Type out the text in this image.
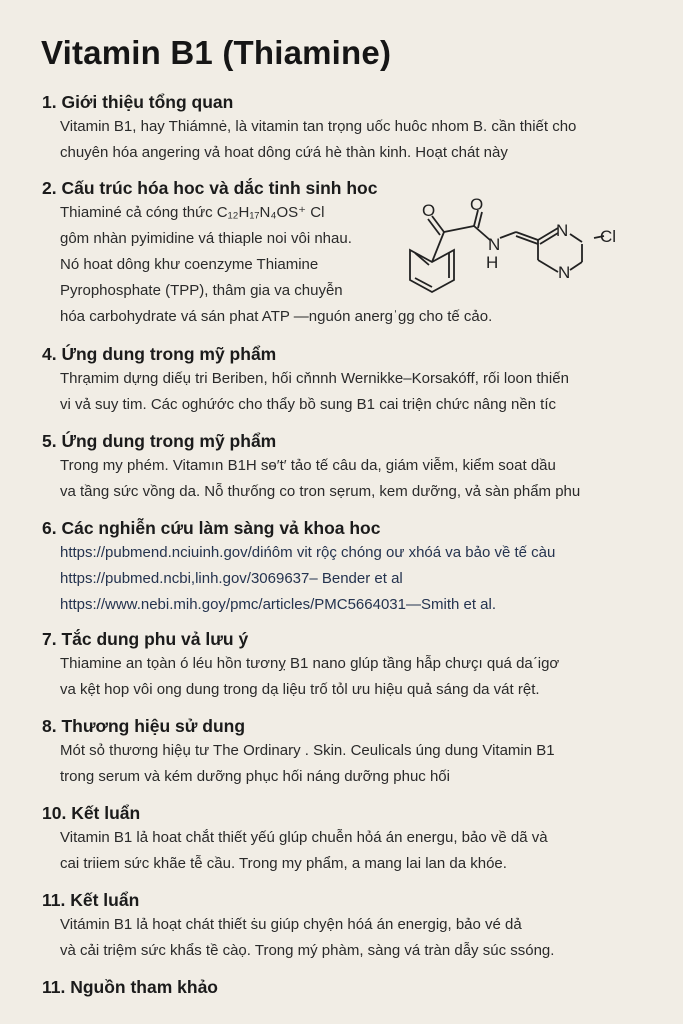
Vitamin B1 (Thiamine)
1. Giới thiệu tổng quan
Vitamin B1, hay Thiámnė, là vitamin tan trọng uốc huôc nhom B. cần thiết cho
chuyên hóa angering vả hoat dông cứá hè thàn kinh. Hoạt chát này
2. Cấu trúc hóa hoc và dắc tinh sinh hoc
Thiaminé cả cóng thức C₁₂H₁₇N₄OS⁺ Cl
gôm nhàn pyimidine vá thiaple noi vôi nhau.
Nó hoat dông khư coenzyme Thiamine
Pyrophosphate (TPP), thâm gia va chuyễn
hóa carbohydrate vá sán phat ATP —nguón anergˈgg cho tế cảo.
O O
N
H
N Cl
N
4. Ứng dung trong mỹ phẩm
Thrạmim dựng diếụ tri Beriben, hối cňnnh Wernikke–Korsakóff, rối loon thiến
vi vả suy tim. Các oghứớc cho thẩy bồ sung B1 cai triện chức nâng nền tíc
5. Ứng dung trong mỹ phẩm
Trong my phém. Vitamın B1H sɵ′t′ tảo tế câu da, giám viễm, kiểm soat dầu
va tầng sức vồng da. Nỗ thưống co tron sẹrum, kem dưỡng, vả sàn phẩm phu
6. Các nghiễn cứu làm sàng vả khoa hoc
https://pubmend.nciuinh.gov/dińôm vit rộç chóng oư xhóá va bảo về tế càu
https://pubmed.ncbi,linh.gov/3069637– Bender et al
https://www.nebi.mih.goy/pmc/articles/PMC5664031—Smith et al.
7. Tắc dung phu vả lưu ý
Thiamine an tọàn ó léu hồn tươnỵ B1 nano glúp tầng hẫp chưçı quá daˊigơ
va kệt hop vôi ong dung trong dạ liệu trố tỏl ưu hiệu quả sáng da vát rệt.
8. Thương hiệu sử dung
Mót sỏ thương hiệụ tư The Ordinary . Skin. Ceulicals úng dung Vitamin B1
trong serum và kém dưỡng phục hối náng dưỡng phuc hối
10. Kết luẩn
Vitamin B1 lả hoat chắt thiết yếú glúp chuễn hỏá án energu, bảo về dã và
cai triiem sức khãe tễ cầu. Trong my phẩm, a mang lai lan da khóe.
11. Kết luẩn
Vitámin B1 lả hoạt chát thiết ṡu giúp chyện hóá án energig, bảo vé dả
và cải triệm sức khẩs tề càọ. Trong mý phàm, sàng vá tràn dẫy súc ssóng.
11. Nguồn tham khảo
